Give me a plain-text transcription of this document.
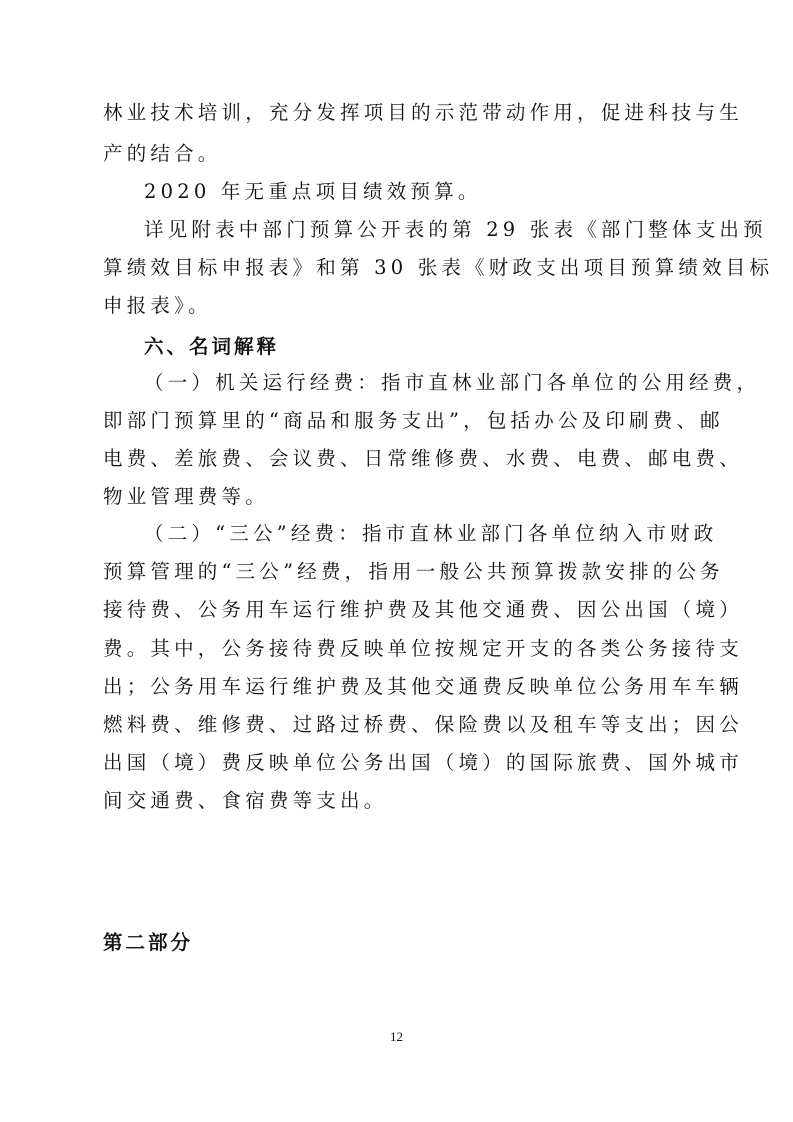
林业技术培训，充分发挥项目的示范带动作用，促进科技与生
产的结合。
2020 年无重点项目绩效预算。
详见附表中部门预算公开表的第 29 张表《部门整体支出预
算绩效目标申报表》和第 30 张表《财政支出项目预算绩效目标
申报表》。
六、名词解释
（一）机关运行经费：指市直林业部门各单位的公用经费，
即部门预算里的“商品和服务支出”，包括办公及印刷费、邮
电费、差旅费、会议费、日常维修费、水费、电费、邮电费、
物业管理费等。
（二）“三公”经费：指市直林业部门各单位纳入市财政
预算管理的“三公”经费，指用一般公共预算拨款安排的公务
接待费、公务用车运行维护费及其他交通费、因公出国（境）
费。其中，公务接待费反映单位按规定开支的各类公务接待支
出；公务用车运行维护费及其他交通费反映单位公务用车车辆
燃料费、维修费、过路过桥费、保险费以及租车等支出；因公
出国（境）费反映单位公务出国（境）的国际旅费、国外城市
间交通费、食宿费等支出。
第二部分
12
